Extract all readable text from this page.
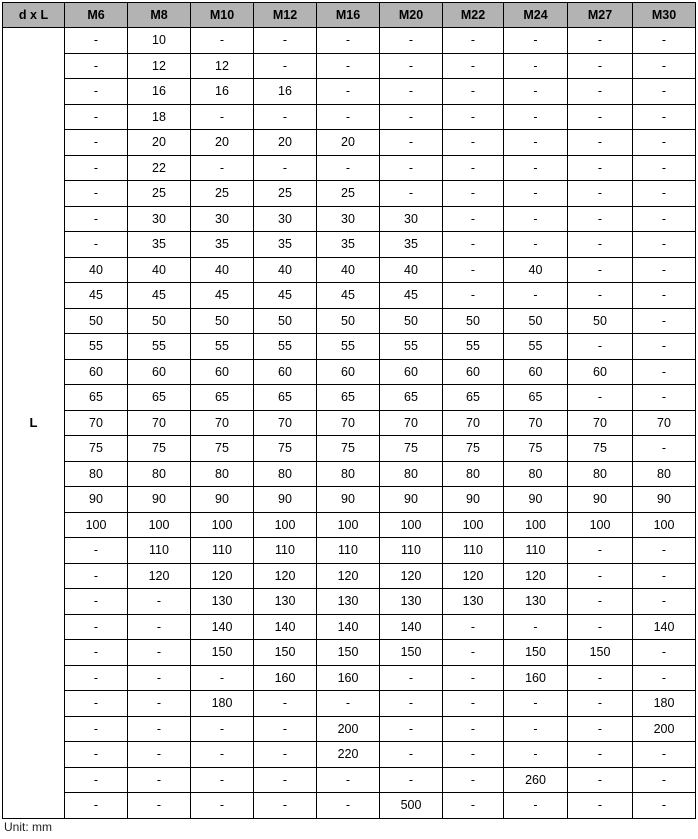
d x L	M6	M8	M10	M12	M16	M20	M22	M24	M27	M30
L	-	10	-	-	-	-	-	-	-	-
	-	12	12	-	-	-	-	-	-	-
	-	16	16	16	-	-	-	-	-	-
	-	18	-	-	-	-	-	-	-	-
	-	20	20	20	20	-	-	-	-	-
	-	22	-	-	-	-	-	-	-	-
	-	25	25	25	25	-	-	-	-	-
	-	30	30	30	30	30	-	-	-	-
	-	35	35	35	35	35	-	-	-	-
	40	40	40	40	40	40	-	40	-	-
	45	45	45	45	45	45	-	-	-	-
	50	50	50	50	50	50	50	50	50	-
	55	55	55	55	55	55	55	55	-	-
	60	60	60	60	60	60	60	60	60	-
	65	65	65	65	65	65	65	65	-	-
	70	70	70	70	70	70	70	70	70	70
	75	75	75	75	75	75	75	75	75	-
	80	80	80	80	80	80	80	80	80	80
	90	90	90	90	90	90	90	90	90	90
	100	100	100	100	100	100	100	100	100	100
	-	110	110	110	110	110	110	110	-	-
	-	120	120	120	120	120	120	120	-	-
	-	-	130	130	130	130	130	130	-	-
	-	-	140	140	140	140	-	-	-	140
	-	-	150	150	150	150	-	150	150	-
	-	-	-	160	160	-	-	160	-	-
	-	-	180	-	-	-	-	-	-	180
	-	-	-	-	200	-	-	-	-	200
	-	-	-	-	220	-	-	-	-	-
	-	-	-	-	-	-	-	260	-	-
	-	-	-	-	-	500	-	-	-	-
Unit: mm
